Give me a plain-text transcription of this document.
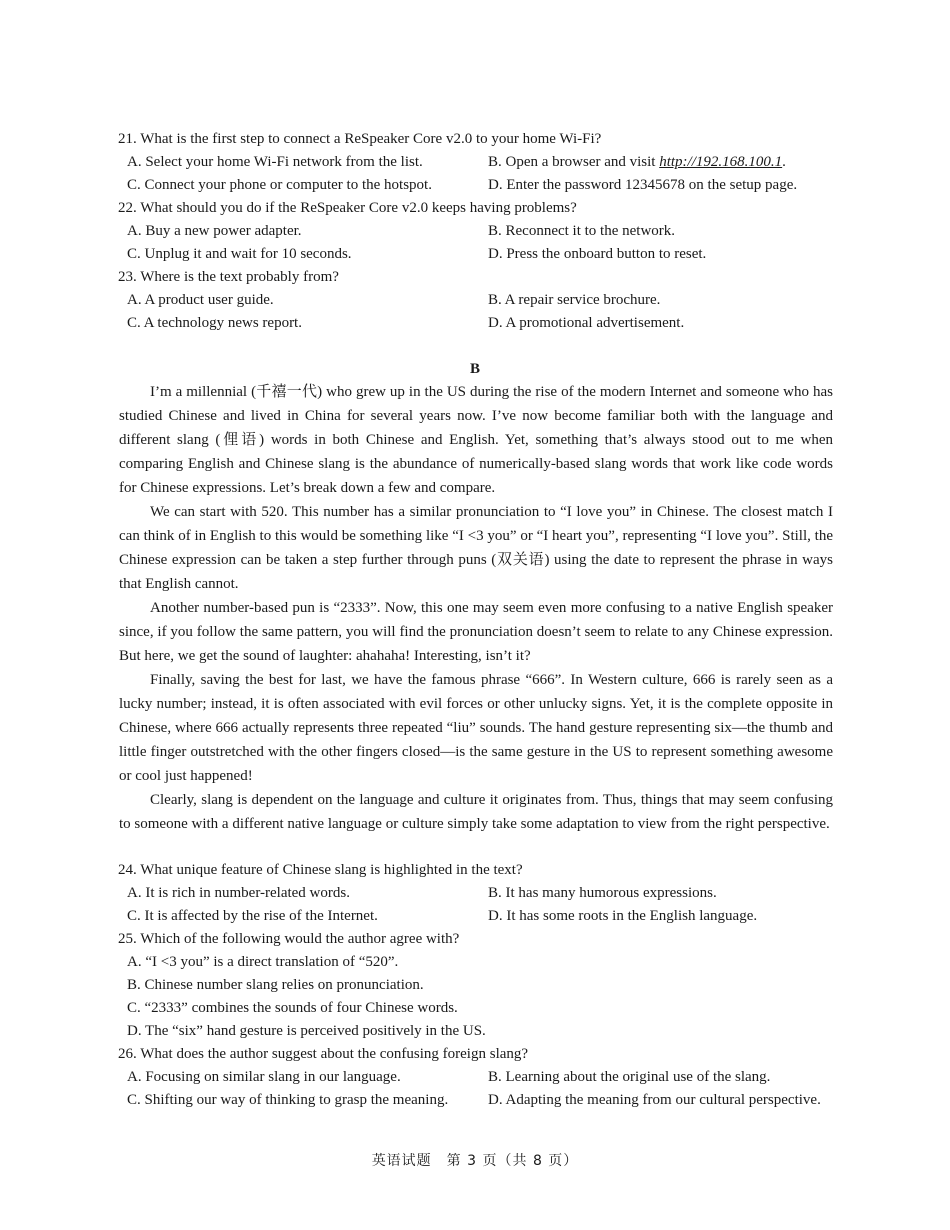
21. What is the first step to connect a ReSpeaker Core v2.0 to your home Wi-Fi?
A. Select your home Wi-Fi network from the list.	B. Open a browser and visit http://192.168.100.1.
C. Connect your phone or computer to the hotspot.	D. Enter the password 12345678 on the setup page.
22. What should you do if the ReSpeaker Core v2.0 keeps having problems?
A. Buy a new power adapter.	B. Reconnect it to the network.
C. Unplug it and wait for 10 seconds.	D. Press the onboard button to reset.
23. Where is the text probably from?
A. A product user guide.	B. A repair service brochure.
C. A technology news report.	D. A promotional advertisement.
B

I’m a millennial (千禧一代) who grew up in the US during the rise of the modern Internet and someone who has studied Chinese and lived in China for several years now. I’ve now become familiar both with the language and different slang (俚语) words in both Chinese and English. Yet, something that’s always stood out to me when comparing English and Chinese slang is the abundance of numerically-based slang words that work like code words for Chinese expressions. Let’s break down a few and compare.

We can start with 520. This number has a similar pronunciation to “I love you” in Chinese. The closest match I can think of in English to this would be something like “I <3 you” or “I heart you”, representing “I love you”. Still, the Chinese expression can be taken a step further through puns (双关语) using the date to represent the phrase in ways that English cannot.

Another number-based pun is “2333”. Now, this one may seem even more confusing to a native English speaker since, if you follow the same pattern, you will find the pronunciation doesn’t seem to relate to any Chinese expression. But here, we get the sound of laughter: ahahaha! Interesting, isn’t it?

Finally, saving the best for last, we have the famous phrase “666”. In Western culture, 666 is rarely seen as a lucky number; instead, it is often associated with evil forces or other unlucky signs. Yet, it is the complete opposite in Chinese, where 666 actually represents three repeated “liu” sounds. The hand gesture representing six—the thumb and little finger outstretched with the other fingers closed—is the same gesture in the US to represent something awesome or cool just happened!

Clearly, slang is dependent on the language and culture it originates from. Thus, things that may seem confusing to someone with a different native language or culture simply take some adaptation to view from the right perspective.

24. What unique feature of Chinese slang is highlighted in the text?
A. It is rich in number-related words.	B. It has many humorous expressions.
C. It is affected by the rise of the Internet.	D. It has some roots in the English language.
25. Which of the following would the author agree with?
A. “I <3 you” is a direct translation of “520”.
B. Chinese number slang relies on pronunciation.
C. “2333” combines the sounds of four Chinese words.
D. The “six” hand gesture is perceived positively in the US.
26. What does the author suggest about the confusing foreign slang?
A. Focusing on similar slang in our language.	B. Learning about the original use of the slang.
C. Shifting our way of thinking to grasp the meaning.	D. Adapting the meaning from our cultural perspective.
英语试题　第 3 页（共 8 页）
